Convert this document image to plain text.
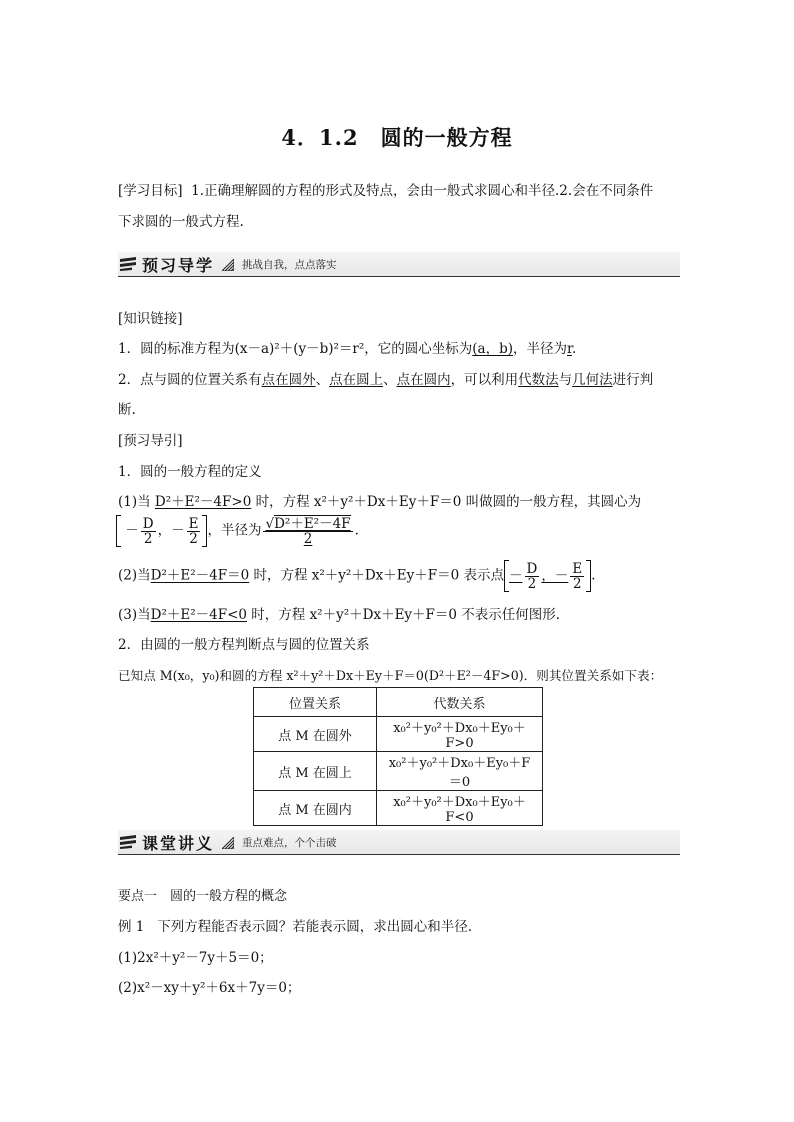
4．1.2　圆的一般方程
[学习目标] 1.正确理解圆的方程的形式及特点，会由一般式求圆心和半径.2.会在不同条件
下求圆的一般式方程.
预习导学	挑战自我，点点落实
[知识链接]
1．圆的标准方程为(x－a)²＋(y－b)²＝r²，它的圆心坐标为(a，b)，半径为r.
2．点与圆的位置关系有点在圆外、点在圆上、点在圆内，可以利用代数法与几何法进行判
断.
[预习导引]
1．圆的一般方程的定义
(1)当 D²＋E²－4F>0 时，方程 x²＋y²＋Dx＋Ey＋F＝0 叫做圆的一般方程，其圆心为
－ $\frac{D}{2}$ ，－ $\frac{E}{2}$ ，半径为 $\frac{\text{√D²＋E²－4F}}{2}$ .
(2)当D²＋E²－4F＝0 时，方程 x²＋y²＋Dx＋Ey＋F＝0 表示点 － $\frac{D}{2}$ ，－ $\frac{E}{2}$ .
(3)当D²＋E²－4F<0 时，方程 x²＋y²＋Dx＋Ey＋F＝0 不表示任何图形.
2．由圆的一般方程判断点与圆的位置关系
已知点 M(x₀，y₀)和圆的方程 x²＋y²＋Dx＋Ey＋F＝0(D²＋E²－4F>0)．则其位置关系如下表：
位置关系	代数关系
点 M 在圆外	x₀²＋y₀²＋Dx₀＋Ey₀＋F>0
点 M 在圆上	x₀²＋y₀²＋Dx₀＋Ey₀＋F＝0
点 M 在圆内	x₀²＋y₀²＋Dx₀＋Ey₀＋F<0
课堂讲义	重点难点，个个击破
要点一　圆的一般方程的概念
例 1 下列方程能否表示圆？若能表示圆，求出圆心和半径.
(1)2x²＋y²－7y＋5＝0；
(2)x²－xy＋y²＋6x＋7y＝0；
